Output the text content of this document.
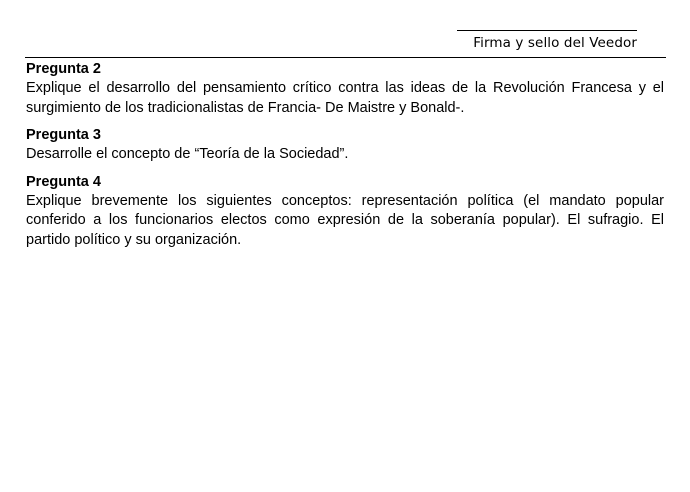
Firma y sello del Veedor
Pregunta 2

Explique el desarrollo del pensamiento crítico contra las ideas de la Revolución Francesa y el surgimiento de los tradicionalistas de Francia- De Maistre y Bonald-.

Pregunta 3

Desarrolle el concepto de “Teoría de la Sociedad”.

Pregunta 4

Explique brevemente los siguientes conceptos: representación política (el mandato popular conferido a los funcionarios electos como expresión de la soberanía popular). El sufragio. El partido político y su organización.
